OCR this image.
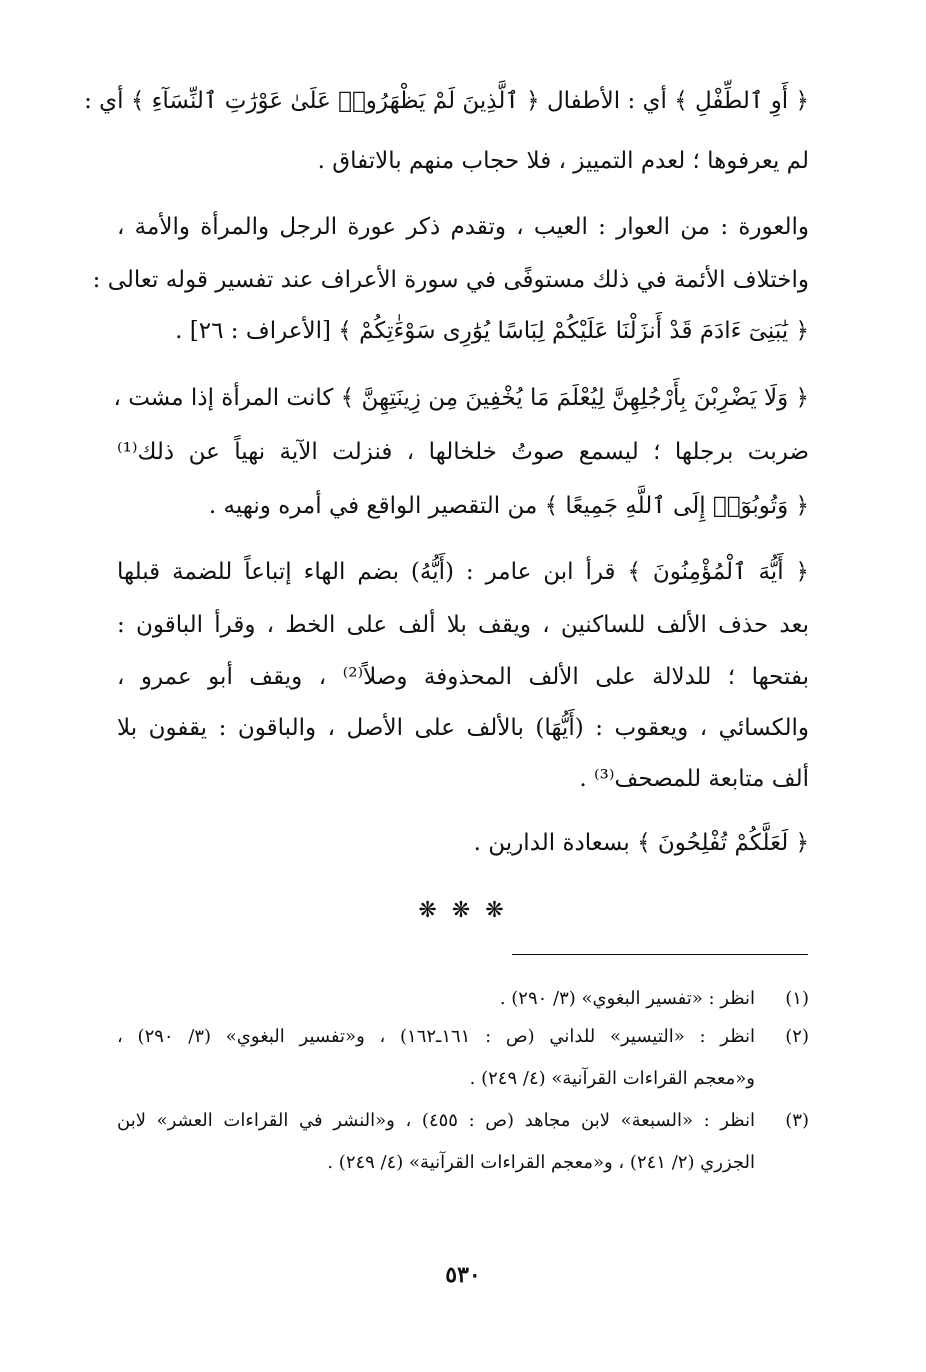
﴿ أَوِ ٱلطِّفْلِ ﴾ أي : الأطفال ﴿ ٱلَّذِينَ لَمْ يَظْهَرُوا۟ عَلَىٰ عَوْرَٰتِ ٱلنِّسَآءِ ﴾ أي :
لم يعرفوها ؛ لعدم التمييز ، فلا حجاب منهم بالاتفاق .
والعورة : من العوار : العيب ، وتقدم ذكر عورة الرجل والمرأة والأمة ،
واختلاف الأئمة في ذلك مستوفًى في سورة الأعراف عند تفسير قوله تعالى :
﴿ يَٰبَنِىٓ ءَادَمَ قَدْ أَنزَلْنَا عَلَيْكُمْ لِبَاسًا يُوَٰرِى سَوْءَٰتِكُمْ ﴾ [الأعراف : ٢٦] .
﴿ وَلَا يَضْرِبْنَ بِأَرْجُلِهِنَّ لِيُعْلَمَ مَا يُخْفِينَ مِن زِينَتِهِنَّ ﴾ كانت المرأة إذا مشت ،
ضربت برجلها ؛ ليسمع صوتُ خلخالها ، فنزلت الآية نهياً عن ذلك⁽¹⁾
﴿ وَتُوبُوٓا۟ إِلَى ٱللَّهِ جَمِيعًا ﴾ من التقصير الواقع في أمره ونهيه .
﴿ أَيُّهَ ٱلْمُؤْمِنُونَ ﴾ قرأ ابن عامر : (أَيُّهُ) بضم الهاء إتباعاً للضمة قبلها
بعد حذف الألف للساكنين ، ويقف بلا ألف على الخط ، وقرأ الباقون :
بفتحها ؛ للدلالة على الألف المحذوفة وصلاً⁽²⁾ ، ويقف أبو عمرو ،
والكسائي ، ويعقوب : (أَيُّهَا) بالألف على الأصل ، والباقون : يقفون بلا
ألف متابعة للمصحف⁽³⁾ .
﴿ لَعَلَّكُمْ تُفْلِحُونَ ﴾ بسعادة الدارين .
❋ ❋ ❋
(١)
انظر : «تفسير البغوي» (٣/ ٢٩٠) .
(٢)
انظر : «التيسير» للداني (ص : ١٦١ـ١٦٢) ، و«تفسير البغوي» (٣/ ٢٩٠) ،
و«معجم القراءات القرآنية» (٤/ ٢٤٩) .
(٣)
انظر : «السبعة» لابن مجاهد (ص : ٤٥٥) ، و«النشر في القراءات العشر» لابن
الجزري (٢/ ٢٤١) ، و«معجم القراءات القرآنية» (٤/ ٢٤٩) .
٥٣٠
